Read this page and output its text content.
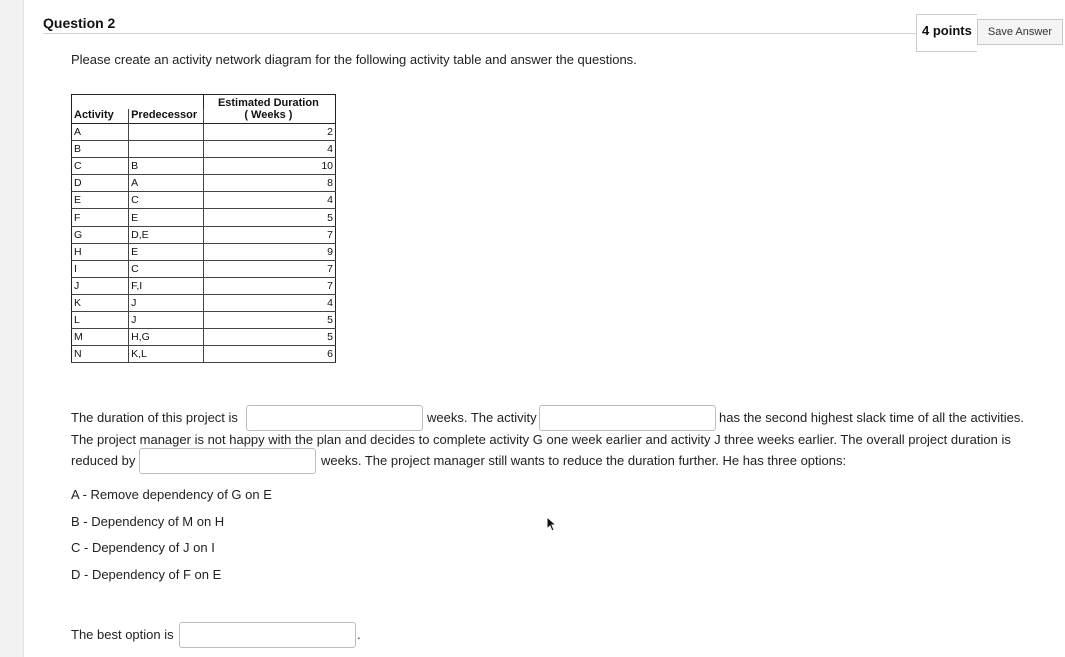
Question 2	4 points	Save Answer
Please create an activity network diagram for the following activity table and answer the questions.
		Estimated Duration
Activity	Predecessor	( Weeks )
A		2
B		4
C	B	10
D	A	8
E	C	4
F	E	5
G	D,E	7
H	E	9
I	C	7
J	F,I	7
K	J	4
L	J	5
M	H,G	5
N	K,L	6
The duration of this project is	weeks. The activity	has the second highest slack time of all the activities.
The project manager is not happy with the plan and decides to complete activity G one week earlier and activity J three weeks earlier. The overall project duration is
reduced by	weeks. The project manager still wants to reduce the duration further. He has three options:
A - Remove dependency of G on E
B - Dependency of M on H
C - Dependency of J on I
D - Dependency of F on E
The best option is	.
